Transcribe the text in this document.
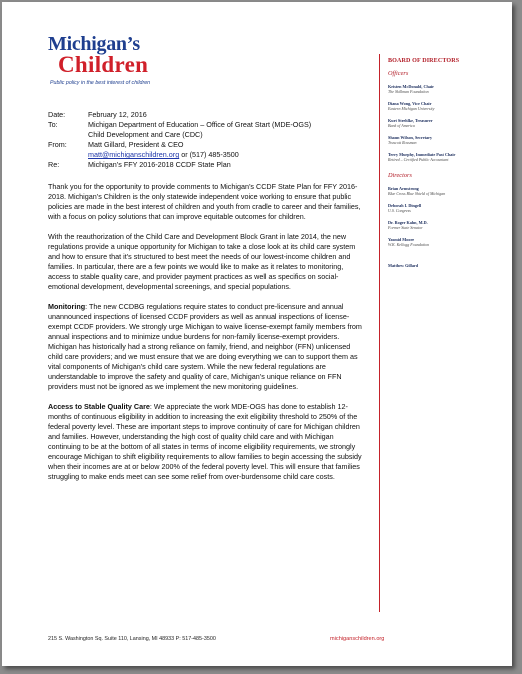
Michigan’s
Children
Public policy in the best interest of children
BOARD OF DIRECTORS
Officers
Kristen McDonald, Chair
The Skillman Foundation
Diana Wong, Vice Chair
Eastern Michigan University
Kurt Strehlke, Treasurer
Bank of America
Shaun Wilson, Secretary
Truscott Rossman
Terry Murphy, Immediate Past Chair
Retired – Certified Public Accountant
Directors
Brian Armstrong
Blue Cross Blue Shield of Michigan
Deborah I. Dingell
U.S. Congress
Dr. Roger Kahn, M.D.
Former State Senator
Yasmid Moore
W.K. Kellogg Foundation
Matthew Gillard
Date:	February 12, 2016
To:	Michigan Department of Education – Office of Great Start (MDE-OGS)
Child Development and Care (CDC)
From:	Matt Gillard, President & CEO
matt@michiganschildren.org or (517) 485-3500
Re:	Michigan’s FFY 2016-2018 CCDF State Plan

Thank you for the opportunity to provide comments to Michigan’s CCDF State Plan for FFY 2016-2018. Michigan’s Children is the only statewide independent voice working to ensure that public policies are made in the best interest of children and youth from cradle to career and their families, with a focus on policy solutions that can improve equitable outcomes for children.

With the reauthorization of the Child Care and Development Block Grant in late 2014, the new regulations provide a unique opportunity for Michigan to take a close look at its child care system and how to ensure that it’s structured to best meet the needs of our lowest-income children and families. In particular, there are a few points we would like to make as it relates to monitoring, access to stable quality care, and provider payment practices as well as specifics on social-emotional development, developmental screenings, and special populations.

Monitoring: The new CCDBG regulations require states to conduct pre-licensure and annual unannounced inspections of licensed CCDF providers as well as annual inspections of license-exempt CCDF providers. We strongly urge Michigan to waive license-exempt family members from annual inspections and to minimize undue burdens for non-family license-exempt providers. Michigan has historically had a strong reliance on family, friend, and neighbor (FFN) unlicensed child care providers; and we must ensure that we are doing everything we can to support them as vital components of Michigan’s child care system. While the new federal regulations are understandable to improve the safety and quality of care, Michigan’s unique reliance on FFN providers must not be ignored as we implement the new monitoring guidelines.

Access to Stable Quality Care: We appreciate the work MDE-OGS has done to establish 12-months of continuous eligibility in addition to increasing the exit eligibility threshold to 250% of the federal poverty level. These are important steps to improve continuity of care for Michigan children and families. However, understanding the high cost of quality child care and with Michigan continuing to be at the bottom of all states in terms of income eligibility requirements, we strongly encourage Michigan to shift eligibility requirements to allow families to begin accessing the subsidy when their incomes are at or below 200% of the federal poverty level. This will ensure that families struggling to make ends meet can see some relief from over-burdensome child care costs.

215 S. Washington Sq. Suite 110, Lansing, MI 48933 P: 517-485-3500	michiganschildren.org
